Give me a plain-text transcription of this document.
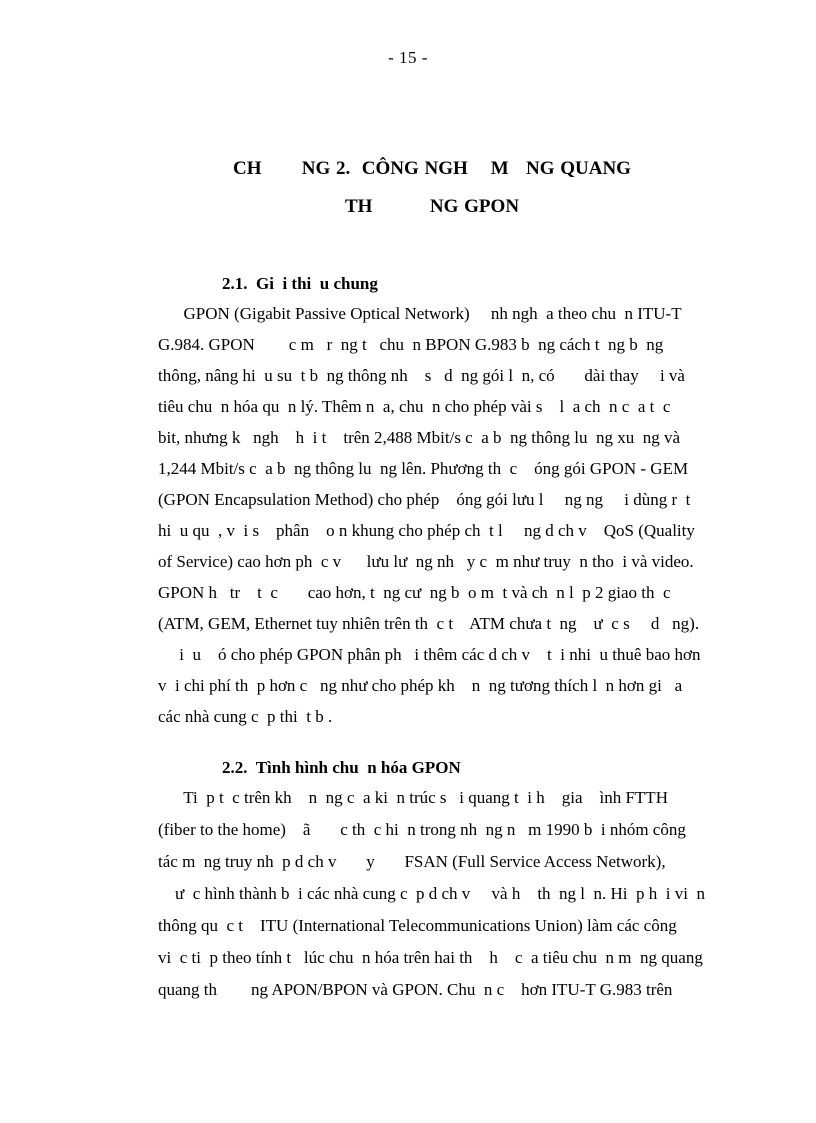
- 15 -
CH       NG 2.  CÔNG NGH    M   NG QUANG
TH          NG GPON
2.1.  Gi  i thi  u chung

GPON (Gigabit Passive Optical Network)     nh ngh  a theo chu  n ITU-T

G.984. GPON        c m   r  ng t   chu  n BPON G.983 b  ng cách t  ng b  ng

thông, nâng hi  u su  t b  ng thông nh    s   d  ng gói l  n, có       dài thay     i và

tiêu chu  n hóa qu  n lý. Thêm n  a, chu  n cho phép vài s    l  a ch  n c  a t  c

bit, nhưng k   ngh    h  i t    trên 2,488 Mbit/s c  a b  ng thông lu  ng xu  ng và

1,244 Mbit/s c  a b  ng thông lu  ng lên. Phương th  c    óng gói GPON - GEM

(GPON Encapsulation Method) cho phép    óng gói lưu l     ng ng     i dùng r  t

hi  u qu  , v  i s    phân    o n khung cho phép ch  t l     ng d ch v    QoS (Quality

of Service) cao hơn ph  c v      lưu lư  ng nh   y c  m như truy  n tho  i và video.

GPON h   tr    t  c       cao hơn, t  ng cư  ng b  o m  t và ch  n l  p 2 giao th  c

(ATM, GEM, Ethernet tuy nhiên trên th  c t    ATM chưa t  ng    ư  c s     d   ng).

i  u    ó cho phép GPON phân ph   i thêm các d ch v    t  i nhi  u thuê bao hơn

v  i chi phí th  p hơn c   ng như cho phép kh    n  ng tương thích l  n hơn gi   a

các nhà cung c  p thi  t b .

2.2.  Tình hình chu  n hóa GPON

Ti  p t  c trên kh    n  ng c  a ki  n trúc s   i quang t  i h    gia    ình FTTH

(fiber to the home)    ã       c th  c hi  n trong nh  ng n   m 1990 b  i nhóm công

tác m  ng truy nh  p d ch v       y       FSAN (Full Service Access Network),

ư  c hình thành b  i các nhà cung c  p d ch v     và h    th  ng l  n. Hi  p h  i vi  n

thông qu  c t    ITU (International Telecommunications Union) làm các công

vi  c ti  p theo tính t   lúc chu  n hóa trên hai th    h    c  a tiêu chu  n m  ng quang

quang th        ng APON/BPON và GPON. Chu  n c    hơn ITU-T G.983 trên
